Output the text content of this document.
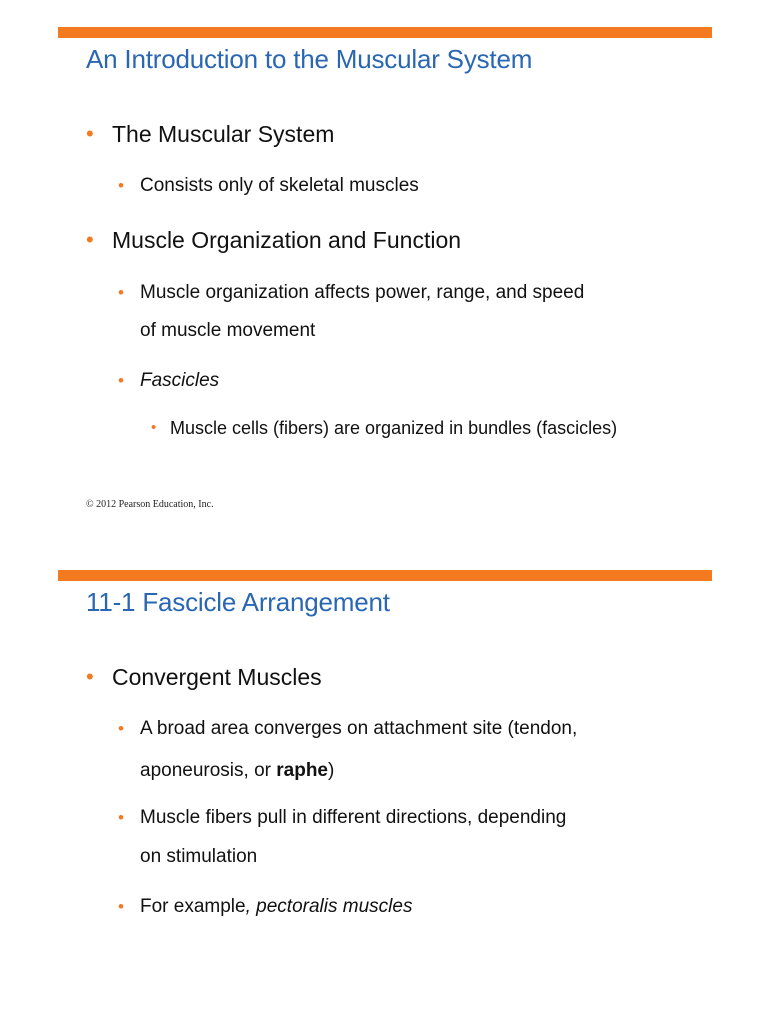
An Introduction to the Muscular System
• The Muscular System
• Consists only of skeletal muscles
• Muscle Organization and Function
• Muscle organization affects power, range, and speed
of muscle movement
• Fascicles
• Muscle cells (fibers) are organized in bundles (fascicles)
© 2012 Pearson Education, Inc.
11-1 Fascicle Arrangement
• Convergent Muscles
• A broad area converges on attachment site (tendon,
aponeurosis, or raphe)
• Muscle fibers pull in different directions, depending
on stimulation
• For example, pectoralis muscles
